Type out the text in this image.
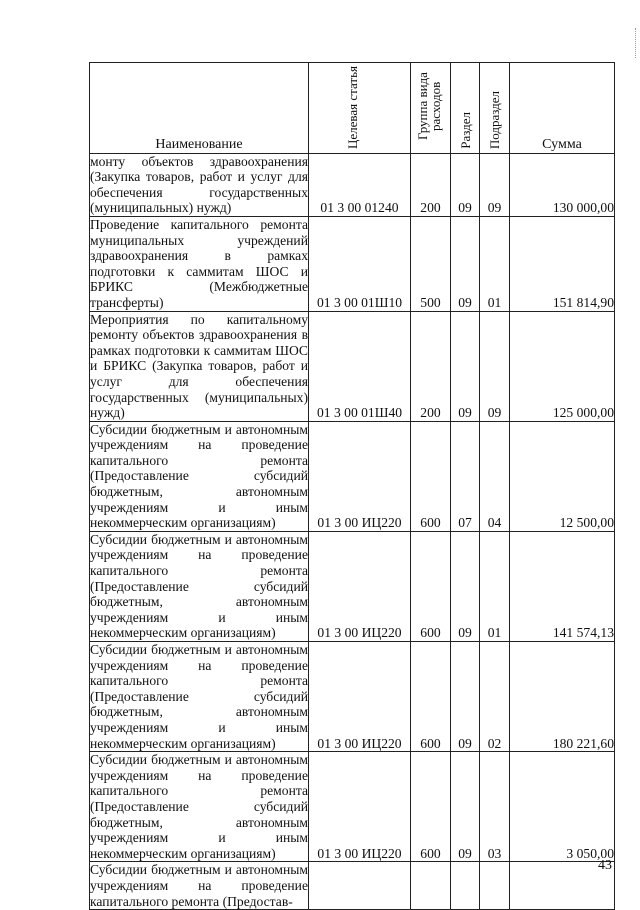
Наименование	Целевая статья	Группа вида расходов	Раздел	Подраздел	Сумма
монту объектов здравоохранения (Закупка товаров, работ и услуг для обеспечения государственных (муниципальных) нужд)	01 3 00 01240	200	09	09	130 000,00
Проведение капитального ремонта муниципальных учреждений здравоохранения в рамках подготовки к саммитам ШОС и БРИКС (Межбюджетные трансферты)	01 3 00 01Ш10	500	09	01	151 814,90
Мероприятия по капитальному ремонту объектов здравоохранения в рамках подготовки к саммитам ШОС и БРИКС (Закупка товаров, работ и услуг для обеспечения государственных (муниципальных) нужд)	01 3 00 01Ш40	200	09	09	125 000,00
Субсидии бюджетным и автономным учреждениям на проведение капитального ремонта (Предоставление субсидий бюджетным, автономным учреждениям и иным некоммерческим организациям)	01 3 00 ИЦ220	600	07	04	12 500,00
Субсидии бюджетным и автономным учреждениям на проведение капитального ремонта (Предоставление субсидий бюджетным, автономным учреждениям и иным некоммерческим организациям)	01 3 00 ИЦ220	600	09	01	141 574,13
Субсидии бюджетным и автономным учреждениям на проведение капитального ремонта (Предоставление субсидий бюджетным, автономным учреждениям и иным некоммерческим организациям)	01 3 00 ИЦ220	600	09	02	180 221,60
Субсидии бюджетным и автономным учреждениям на проведение капитального ремонта (Предоставление субсидий бюджетным, автономным учреждениям и иным некоммерческим организациям)	01 3 00 ИЦ220	600	09	03	3 050,00
Субсидии бюджетным и автономным учреждениям на проведение капитального ремонта (Предостав-					
43
